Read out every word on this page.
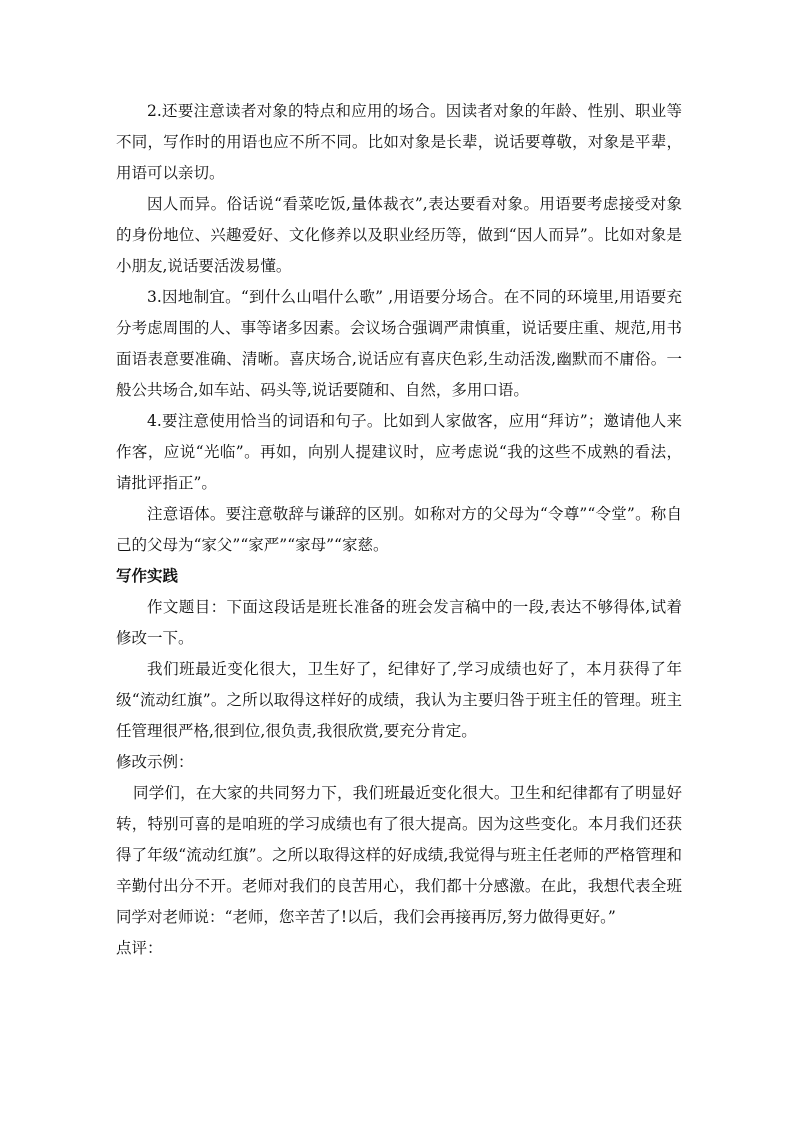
2.还要注意读者对象的特点和应用的场合。因读者对象的年龄、性别、职业等不同，写作时的用语也应不所不同。比如对象是长辈，说话要尊敬，对象是平辈，用语可以亲切。

因人而异。俗话说“看菜吃饭,量体裁衣”,表达要看对象。用语要考虑接受对象的身份地位、兴趣爱好、文化修养以及职业经历等，做到“因人而异”。比如对象是小朋友,说话要活泼易懂。

3.因地制宜。“到什么山唱什么歌” ,用语要分场合。在不同的环境里,用语要充分考虑周围的人、事等诸多因素。会议场合强调严肃慎重，说话要庄重、规范,用书面语表意要准确、清晰。喜庆场合,说话应有喜庆色彩,生动活泼,幽默而不庸俗。一般公共场合,如车站、码头等,说话要随和、自然，多用口语。

4.要注意使用恰当的词语和句子。比如到人家做客，应用“拜访”；邀请他人来作客，应说“光临”。再如，向别人提建议时，应考虑说“我的这些不成熟的看法，请批评指正”。

注意语体。要注意敬辞与谦辞的区别。如称对方的父母为“令尊”“令堂”。称自己的父母为“家父”“家严”“家母”“家慈。

写作实践

作文题目：下面这段话是班长准备的班会发言稿中的一段,表达不够得体,试着修改一下。

我们班最近变化很大，卫生好了，纪律好了,学习成绩也好了，本月获得了年级“流动红旗”。之所以取得这样好的成绩，我认为主要归咎于班主任的管理。班主任管理很严格,很到位,很负责,我很欣赏,要充分肯定。

修改示例：

同学们，在大家的共同努力下，我们班最近变化很大。卫生和纪律都有了明显好转，特别可喜的是咱班的学习成绩也有了很大提高。因为这些变化。本月我们还获得了年级“流动红旗”。之所以取得这样的好成绩,我觉得与班主任老师的严格管理和辛勤付出分不开。老师对我们的良苦用心，我们都十分感激。在此，我想代表全班同学对老师说：“老师，您辛苦了!以后，我们会再接再厉,努力做得更好。”

点评：
